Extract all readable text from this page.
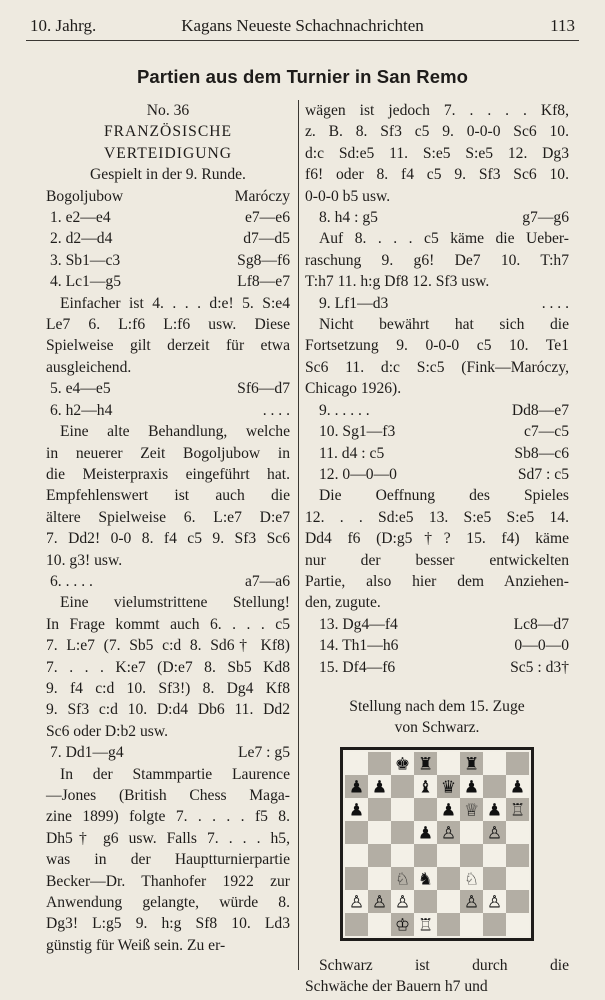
10. Jahrg.	Kagans Neueste Schachnachrichten	113
Partien aus dem Turnier in San Remo
No. 36
FRANZÖSISCHE
VERTEIDIGUNG
Gespielt in der 9. Runde.
Bogoljubow	Maróczy
1. e2—e4	e7—e6
2. d2—d4	d7—d5
3. Sb1—c3	Sg8—f6
4. Lc1—g5	Lf8—e7
Einfacher ist 4. . . . d:e! 5. S:e4
Le7 6. L:f6 L:f6 usw. Diese
Spielweise gilt derzeit für etwa
ausgleichend.
5. e4—e5	Sf6—d7
6. h2—h4	. . . .
Eine alte Behandlung, welche
in neuerer Zeit Bogoljubow in
die Meisterpraxis eingeführt hat.
Empfehlenswert ist auch die
ältere Spielweise 6. L:e7 D:e7
7. Dd2! 0-0 8. f4 c5 9. Sf3 Sc6
10. g3! usw.
6. . . . .	a7—a6
Eine vielumstrittene Stellung!
In Frage kommt auch 6. . . . c5
7. L:e7 (7. Sb5 c:d 8. Sd6† Kf8)
7. . . . K:e7 (D:e7 8. Sb5 Kd8
9. f4 c:d 10. Sf3!) 8. Dg4 Kf8
9. Sf3 c:d 10. D:d4 Db6 11. Dd2
Sc6 oder D:b2 usw.
7. Dd1—g4	Le7 : g5
In der Stammpartie Laurence
—Jones (British Chess Maga-
zine 1899) folgte 7. . . . . f5 8.
Dh5† g6 usw. Falls 7. . . . h5,
was in der Hauptturnierpartie
Becker—Dr. Thanhofer 1922 zur
Anwendung gelangte, würde 8.
Dg3! L:g5 9. h:g Sf8 10. Ld3
günstig für Weiß sein. Zu er-
wägen ist jedoch 7. . . . . Kf8,
z. B. 8. Sf3 c5 9. 0-0-0 Sc6 10.
d:c Sd:e5 11. S:e5 S:e5 12. Dg3
f6! oder 8. f4 c5 9. Sf3 Sc6 10.
0-0-0 b5 usw.
8. h4 : g5	g7—g6
Auf 8. . . . c5 käme die Ueber-
raschung 9. g6! De7 10. T:h7
T:h7 11. h:g Df8 12. Sf3 usw.
9. Lf1—d3	. . . .
Nicht bewährt hat sich die
Fortsetzung 9. 0-0-0 c5 10. Te1
Sc6 11. d:c S:c5 (Fink—Maróczy,
Chicago 1926).
9. . . . . .	Dd8—e7
10. Sg1—f3	c7—c5
11. d4 : c5	Sb8—c6
12. 0—0—0	Sd7 : c5
Die Oeffnung des Spieles
12. . . Sd:e5 13. S:e5 S:e5 14.
Dd4 f6 (D:g5†? 15. f4) käme
nur der besser entwickelten
Partie, also hier dem Anziehen-
den, zugute.
13. Dg4—f4	Lc8—d7
14. Th1—h6	0—0—0
15. Df4—f6	Sc5 : d3†
Stellung nach dem 15. Zuge
von Schwarz.
♚ ♜ ♜
♟ ♟ ♝ ♛ ♟ ♟
♟	♟ ♕ ♟ ♖
♟ ♙ ♙
♘ ♞ ♘
♙ ♙ ♙	♙ ♙
♔ ♖
Schwarz ist durch die
Schwäche der Bauern h7 und
